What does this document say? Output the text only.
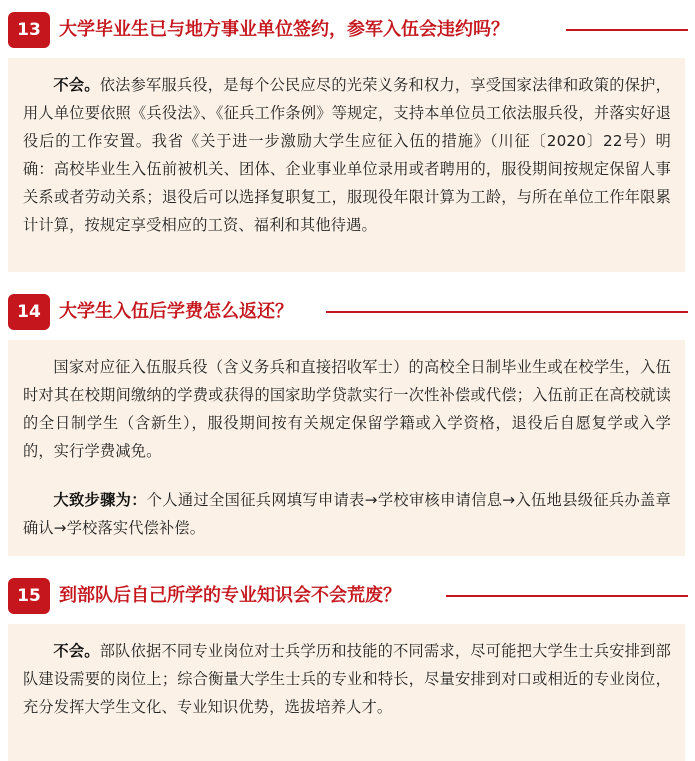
13	大学毕业生已与地方事业单位签约，参军入伍会违约吗？

不会。依法参军服兵役，是每个公民应尽的光荣义务和权力，享受国家法律和政策的保护，用人单位要依照《兵役法》、《征兵工作条例》等规定，支持本单位员工依法服兵役，并落实好退役后的工作安置。我省《关于进一步激励大学生应征入伍的措施》（川征〔2020〕22号）明确：高校毕业生入伍前被机关、团体、企业事业单位录用或者聘用的，服役期间按规定保留人事关系或者劳动关系；退役后可以选择复职复工，服现役年限计算为工龄，与所在单位工作年限累计计算，按规定享受相应的工资、福利和其他待遇。

14	大学生入伍后学费怎么返还？

国家对应征入伍服兵役（含义务兵和直接招收军士）的高校全日制毕业生或在校学生，入伍时对其在校期间缴纳的学费或获得的国家助学贷款实行一次性补偿或代偿；入伍前正在高校就读的全日制学生（含新生），服役期间按有关规定保留学籍或入学资格，退役后自愿复学或入学的，实行学费减免。

大致步骤为：个人通过全国征兵网填写申请表→学校审核申请信息→入伍地县级征兵办盖章确认→学校落实代偿补偿。

15	到部队后自己所学的专业知识会不会荒废？

不会。部队依据不同专业岗位对士兵学历和技能的不同需求，尽可能把大学生士兵安排到部队建设需要的岗位上；综合衡量大学生士兵的专业和特长，尽量安排到对口或相近的专业岗位，充分发挥大学生文化、专业知识优势，选拔培养人才。
